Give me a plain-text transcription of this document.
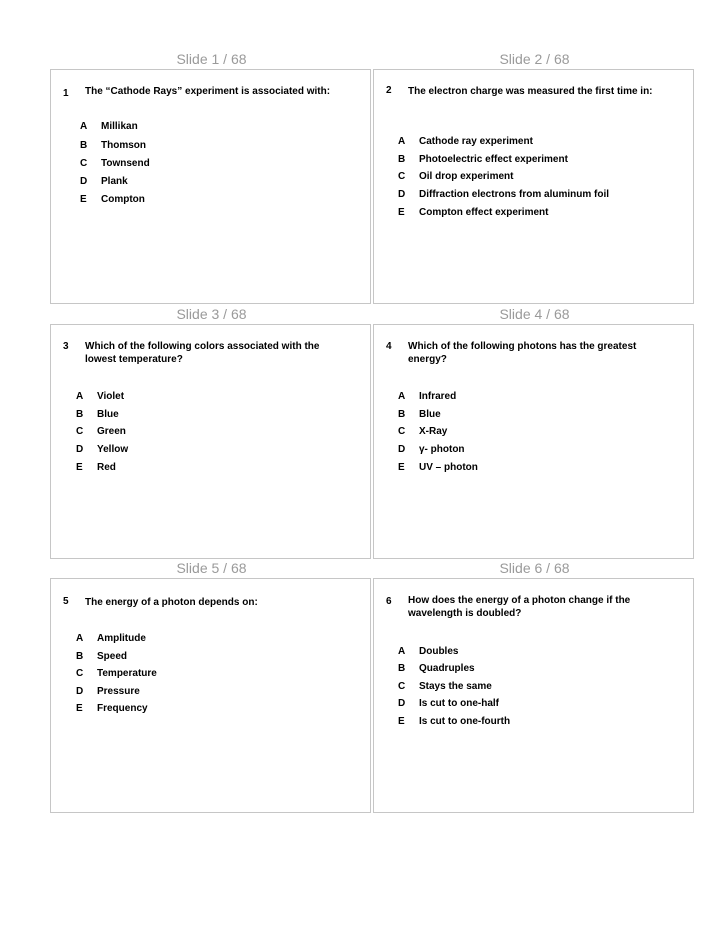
Slide 1 / 68
1 The “Cathode Rays” experiment is associated with:
A Millikan
B Thomson
C Townsend
D Plank
E Compton
Slide 2 / 68
2 The electron charge was measured the first time in:
A Cathode ray experiment
B Photoelectric effect experiment
C Oil drop experiment
D Diffraction electrons from aluminum foil
E Compton effect experiment
Slide 3 / 68
3 Which of the following colors associated with the lowest temperature?
A Violet
B Blue
C Green
D Yellow
E Red
Slide 4 / 68
4 Which of the following photons has the greatest energy?
A Infrared
B Blue
C X-Ray
D γ- photon
E UV – photon
Slide 5 / 68
5 The energy of a photon depends on:
A Amplitude
B Speed
C Temperature
D Pressure
E Frequency
Slide 6 / 68
6 How does the energy of a photon change if the wavelength is doubled?
A Doubles
B Quadruples
C Stays the same
D Is cut to one-half
E Is cut to one-fourth
